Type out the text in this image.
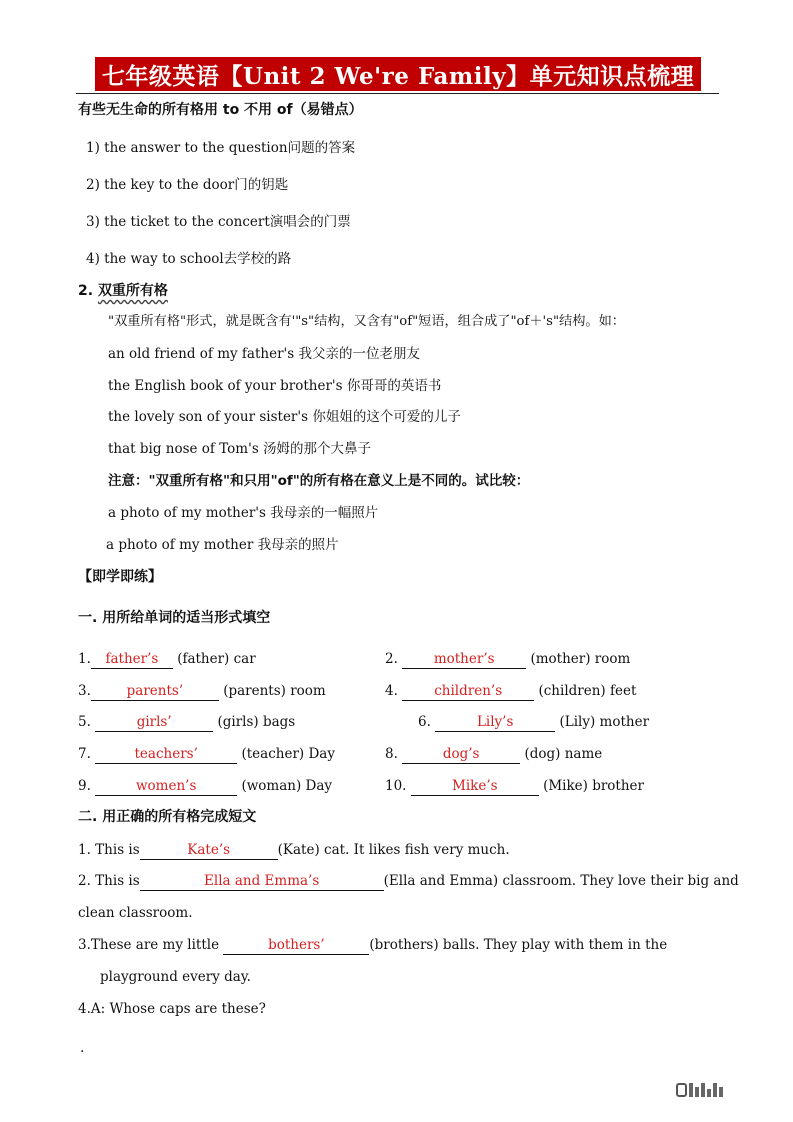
七年级英语【Unit 2 We're Family】单元知识点梳理
有些无生命的所有格用 to 不用 of（易错点）
1) the answer to the question问题的答案
2) the key to the door门的钥匙
3) the ticket to the concert演唱会的门票
4) the way to school去学校的路
2. 双重所有格
"双重所有格"形式，就是既含有'"s"结构，又含有"of"短语，组合成了"of＋'s"结构。如：
an old friend of my father's 我父亲的一位老朋友
the English book of your brother's 你哥哥的英语书
the lovely son of your sister's 你姐姐的这个可爱的儿子
that big nose of Tom's 汤姆的那个大鼻子
注意："双重所有格"和只用"of"的所有格在意义上是不同的。试比较：
a photo of my mother's 我母亲的一幅照片
a photo of my mother 我母亲的照片
【即学即练】
一. 用所给单词的适当形式填空
1. father’s (father) car	2.	mother’s	(mother) room
3.	parents’	(parents) room	4.	children’s	(children) feet
5.	girls’	(girls) bags	6.	Lily’s	(Lily) mother
7.	teachers’	(teacher) Day	8.	dog’s	(dog) name
9.	women’s	(woman) Day	10.	Mike’s	(Mike) brother
二. 用正确的所有格完成短文
1. This is	Kate’s	(Kate) cat. It likes fish very much.
2. This is	Ella and Emma’s	(Ella and Emma) classroom. They love their big and
clean classroom.
3.These are my little	bothers’	(brothers) balls. They play with them in the
playground every day.
4.A: Whose caps are these?
.
